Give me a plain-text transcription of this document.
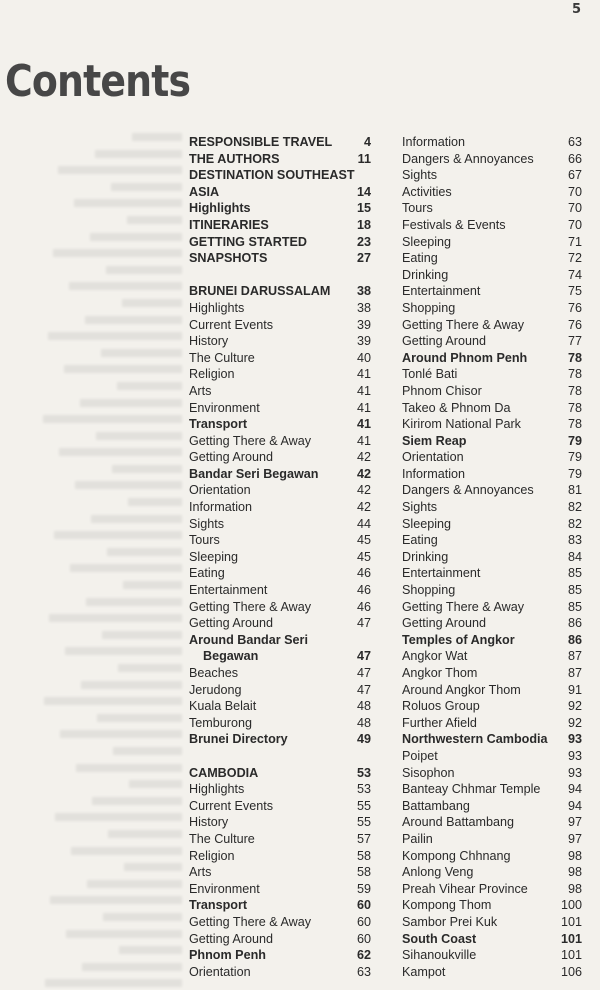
5
Contents
RESPONSIBLE TRAVEL	4
THE AUTHORS	11
DESTINATION SOUTHEAST
ASIA	14
Highlights	15
ITINERARIES	18
GETTING STARTED	23
SNAPSHOTS	27
BRUNEI DARUSSALAM	38
Highlights	38
Current Events	39
History	39
The Culture	40
Religion	41
Arts	41
Environment	41
Transport	41
Getting There & Away	41
Getting Around	42
Bandar Seri Begawan	42
Orientation	42
Information	42
Sights	44
Tours	45
Sleeping	45
Eating	46
Entertainment	46
Getting There & Away	46
Getting Around	47
Around Bandar Seri
Begawan	47
Beaches	47
Jerudong	47
Kuala Belait	48
Temburong	48
Brunei Directory	49
CAMBODIA	53
Highlights	53
Current Events	55
History	55
The Culture	57
Religion	58
Arts	58
Environment	59
Transport	60
Getting There & Away	60
Getting Around	60
Phnom Penh	62
Orientation	63
Information	63
Dangers & Annoyances	66
Sights	67
Activities	70
Tours	70
Festivals & Events	70
Sleeping	71
Eating	72
Drinking	74
Entertainment	75
Shopping	76
Getting There & Away	76
Getting Around	77
Around Phnom Penh	78
Tonlé Bati	78
Phnom Chisor	78
Takeo & Phnom Da	78
Kirirom National Park	78
Siem Reap	79
Orientation	79
Information	79
Dangers & Annoyances	81
Sights	82
Sleeping	82
Eating	83
Drinking	84
Entertainment	85
Shopping	85
Getting There & Away	85
Getting Around	86
Temples of Angkor	86
Angkor Wat	87
Angkor Thom	87
Around Angkor Thom	91
Roluos Group	92
Further Afield	92
Northwestern Cambodia	93
Poipet	93
Sisophon	93
Banteay Chhmar Temple	94
Battambang	94
Around Battambang	97
Pailin	97
Kompong Chhnang	98
Anlong Veng	98
Preah Vihear Province	98
Kompong Thom	100
Sambor Prei Kuk	101
South Coast	101
Sihanoukville	101
Kampot	106
